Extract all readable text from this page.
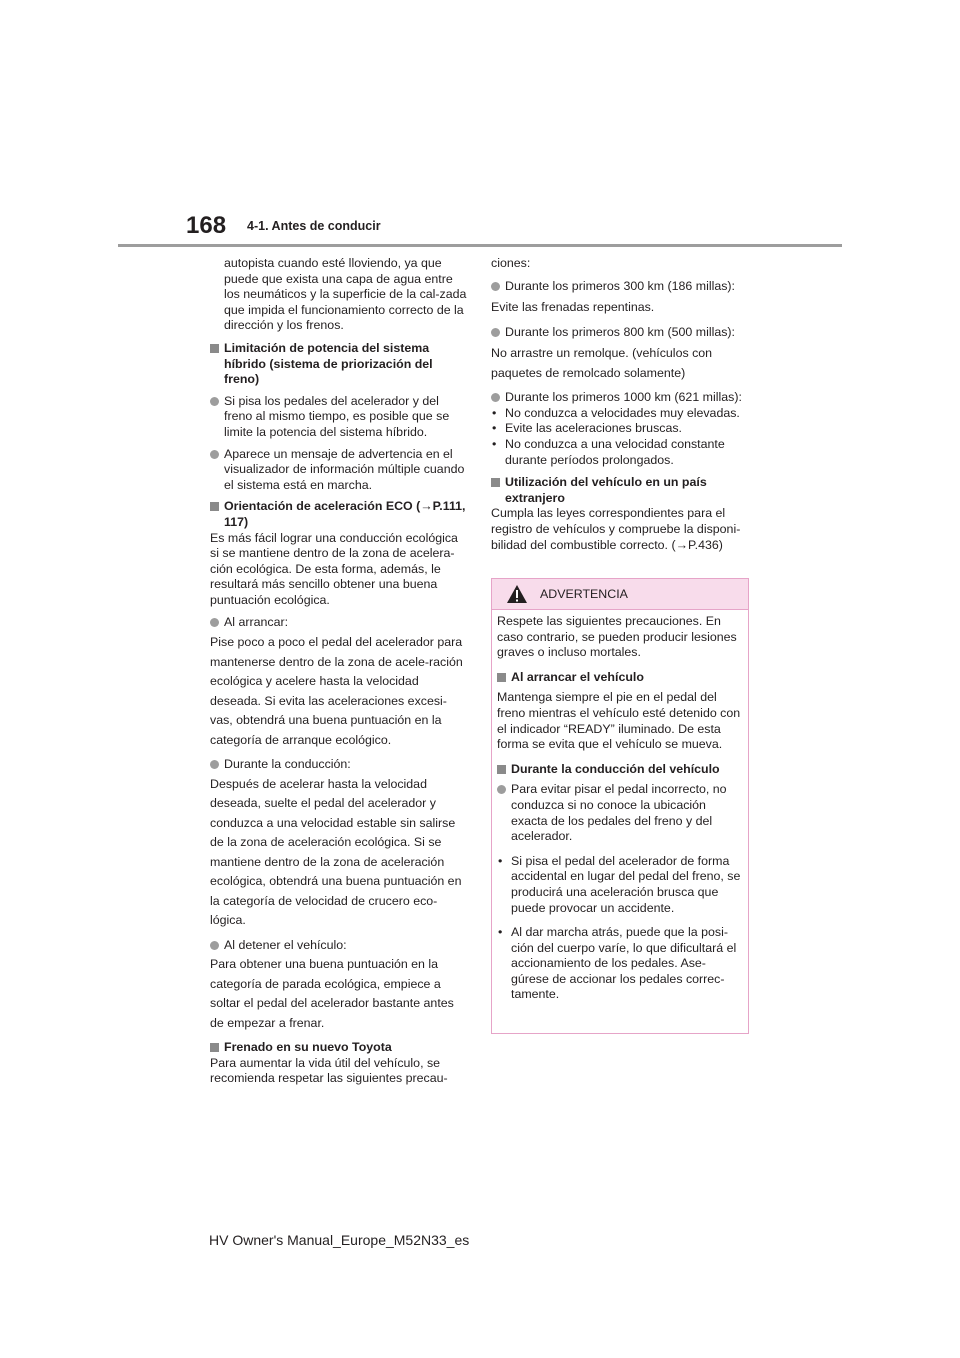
168 4-1. Antes de conducir

autopista cuando esté lloviendo, ya que puede que exista una capa de agua entre los neumáticos y la superficie de la cal-zada que impida el funcionamiento correcto de la dirección y los frenos.

Limitación de potencia del sistema híbrido (sistema de priorización del freno)

Si pisa los pedales del acelerador y del freno al mismo tiempo, es posible que se limite la potencia del sistema híbrido.

Aparece un mensaje de advertencia en el visualizador de información múltiple cuando el sistema está en marcha.

Orientación de aceleración ECO (→P.111, 117)

Es más fácil lograr una conducción ecológica si se mantiene dentro de la zona de acelera-ción ecológica. De esta forma, además, le resultará más sencillo obtener una buena puntuación ecológica.

Al arrancar:

Pise poco a poco el pedal del acelerador para mantenerse dentro de la zona de acele-ración ecológica y acelere hasta la velocidad deseada. Si evita las aceleraciones excesi-vas, obtendrá una buena puntuación en la categoría de arranque ecológico.

Durante la conducción:

Después de acelerar hasta la velocidad deseada, suelte el pedal del acelerador y conduzca a una velocidad estable sin salirse de la zona de aceleración ecológica. Si se mantiene dentro de la zona de aceleración ecológica, obtendrá una buena puntuación en la categoría de velocidad de crucero eco-lógica.

Al detener el vehículo:

Para obtener una buena puntuación en la categoría de parada ecológica, empiece a soltar el pedal del acelerador bastante antes de empezar a frenar.

Frenado en su nuevo Toyota

Para aumentar la vida útil del vehículo, se recomienda respetar las siguientes precau-

ciones:

Durante los primeros 300 km (186 millas):

Evite las frenadas repentinas.

Durante los primeros 800 km (500 millas):

No arrastre un remolque. (vehículos con paquetes de remolcado solamente)

Durante los primeros 1000 km (621 millas):

• No conduzca a velocidades muy elevadas.

• Evite las aceleraciones bruscas.

• No conduzca a una velocidad constante durante períodos prolongados.

Utilización del vehículo en un país extranjero

Cumpla las leyes correspondientes para el registro de vehículos y compruebe la disponi-bilidad del combustible correcto. (→P.436)

ADVERTENCIA

Respete las siguientes precauciones. En caso contrario, se pueden producir lesiones graves o incluso mortales.

Al arrancar el vehículo

Mantenga siempre el pie en el pedal del freno mientras el vehículo esté detenido con el indicador “READY” iluminado. De esta forma se evita que el vehículo se mueva.

Durante la conducción del vehículo

Para evitar pisar el pedal incorrecto, no conduzca si no conoce la ubicación exacta de los pedales del freno y del acelerador.

• Si pisa el pedal del acelerador de forma accidental en lugar del pedal del freno, se producirá una aceleración brusca que puede provocar un accidente.

• Al dar marcha atrás, puede que la posi-ción del cuerpo varíe, lo que dificultará el accionamiento de los pedales. Ase-gúrese de accionar los pedales correc-tamente.

HV Owner's Manual_Europe_M52N33_es
